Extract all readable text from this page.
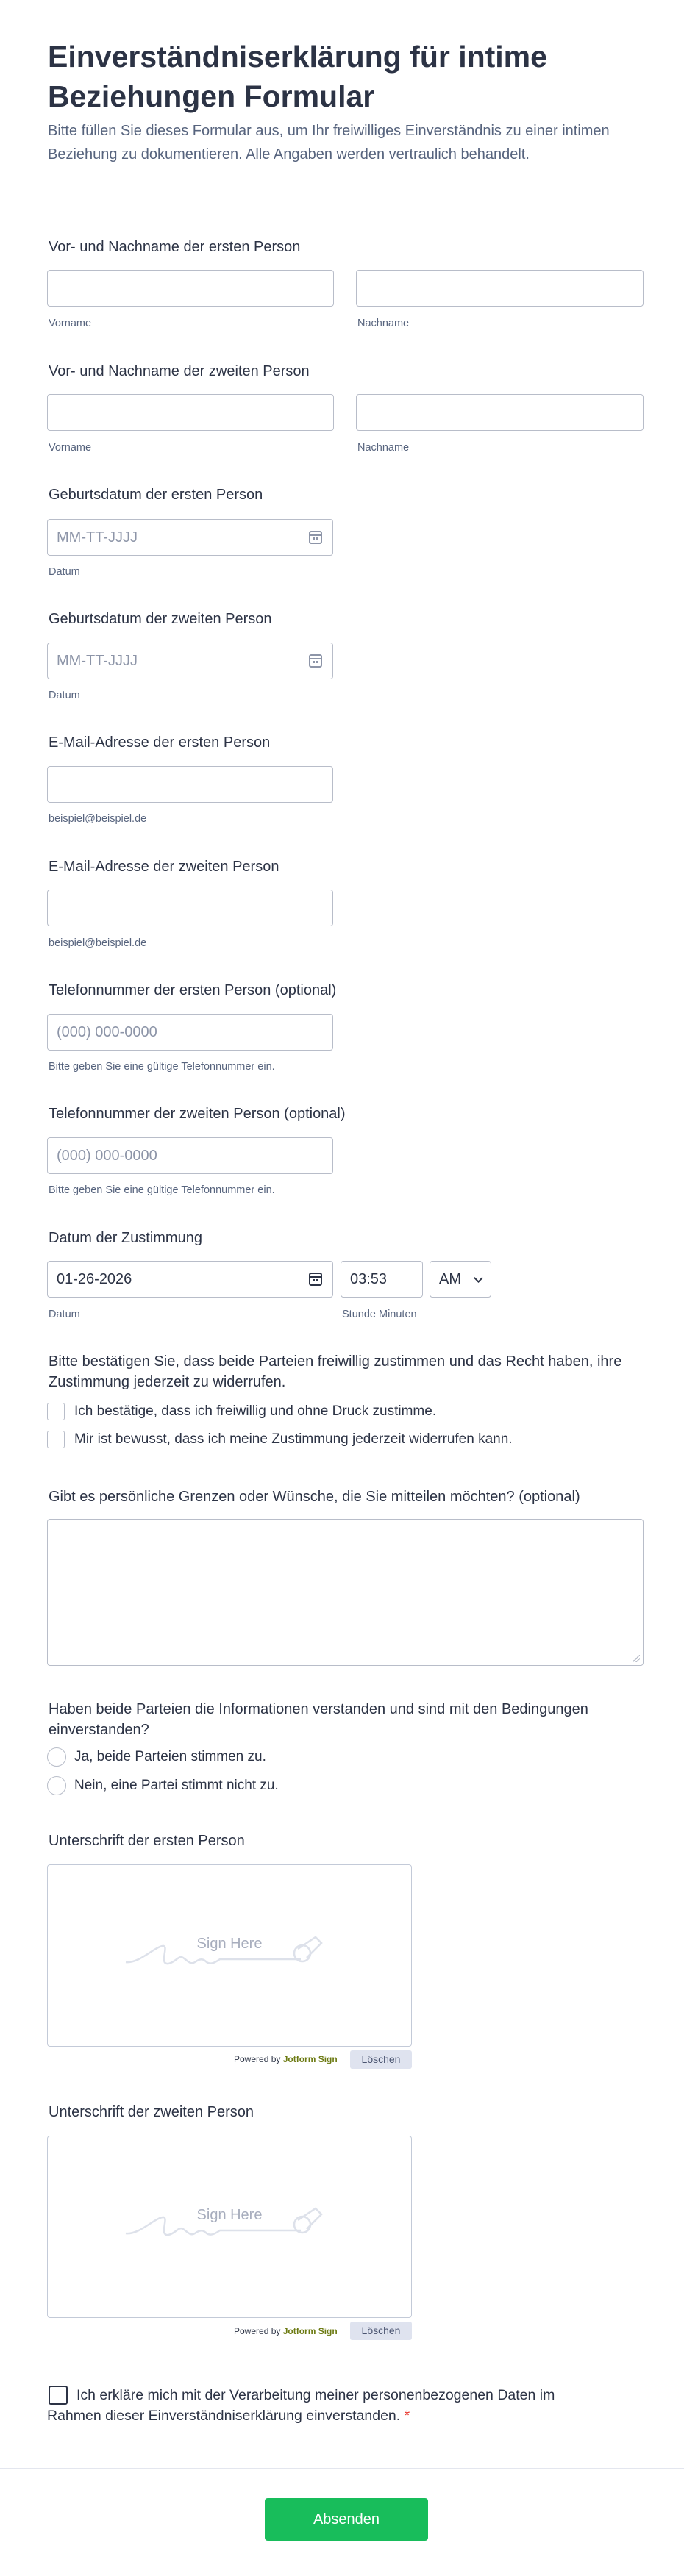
Einverständniserklärung für intime Beziehungen Formular

Bitte füllen Sie dieses Formular aus, um Ihr freiwilliges Einverständnis zu einer intimen Beziehung zu dokumentieren. Alle Angaben werden vertraulich behandelt.

Vor- und Nachname der ersten Person
Vorname	Nachname
Vor- und Nachname der zweiten Person
Vorname	Nachname
Geburtsdatum der ersten Person
MM-TT-JJJJ
Datum
Geburtsdatum der zweiten Person
MM-TT-JJJJ
Datum
E-Mail-Adresse der ersten Person
beispiel@beispiel.de
E-Mail-Adresse der zweiten Person
beispiel@beispiel.de
Telefonnummer der ersten Person (optional)
(000) 000-0000
Bitte geben Sie eine gültige Telefonnummer ein.
Telefonnummer der zweiten Person (optional)
(000) 000-0000
Bitte geben Sie eine gültige Telefonnummer ein.
Datum der Zustimmung
01-26-2026	03:53	AM
Datum	Stunde Minuten
Bitte bestätigen Sie, dass beide Parteien freiwillig zustimmen und das Recht haben, ihre Zustimmung jederzeit zu widerrufen.
Ich bestätige, dass ich freiwillig und ohne Druck zustimme.
Mir ist bewusst, dass ich meine Zustimmung jederzeit widerrufen kann.
Gibt es persönliche Grenzen oder Wünsche, die Sie mitteilen möchten? (optional)
Haben beide Parteien die Informationen verstanden und sind mit den Bedingungen einverstanden?
Ja, beide Parteien stimmen zu.
Nein, eine Partei stimmt nicht zu.
Unterschrift der ersten Person
Sign Here
Powered by Jotform Sign	Löschen
Unterschrift der zweiten Person
Sign Here
Powered by Jotform Sign	Löschen
Ich erkläre mich mit der Verarbeitung meiner personenbezogenen Daten im Rahmen dieser Einverständniserklärung einverstanden. *
Absenden
